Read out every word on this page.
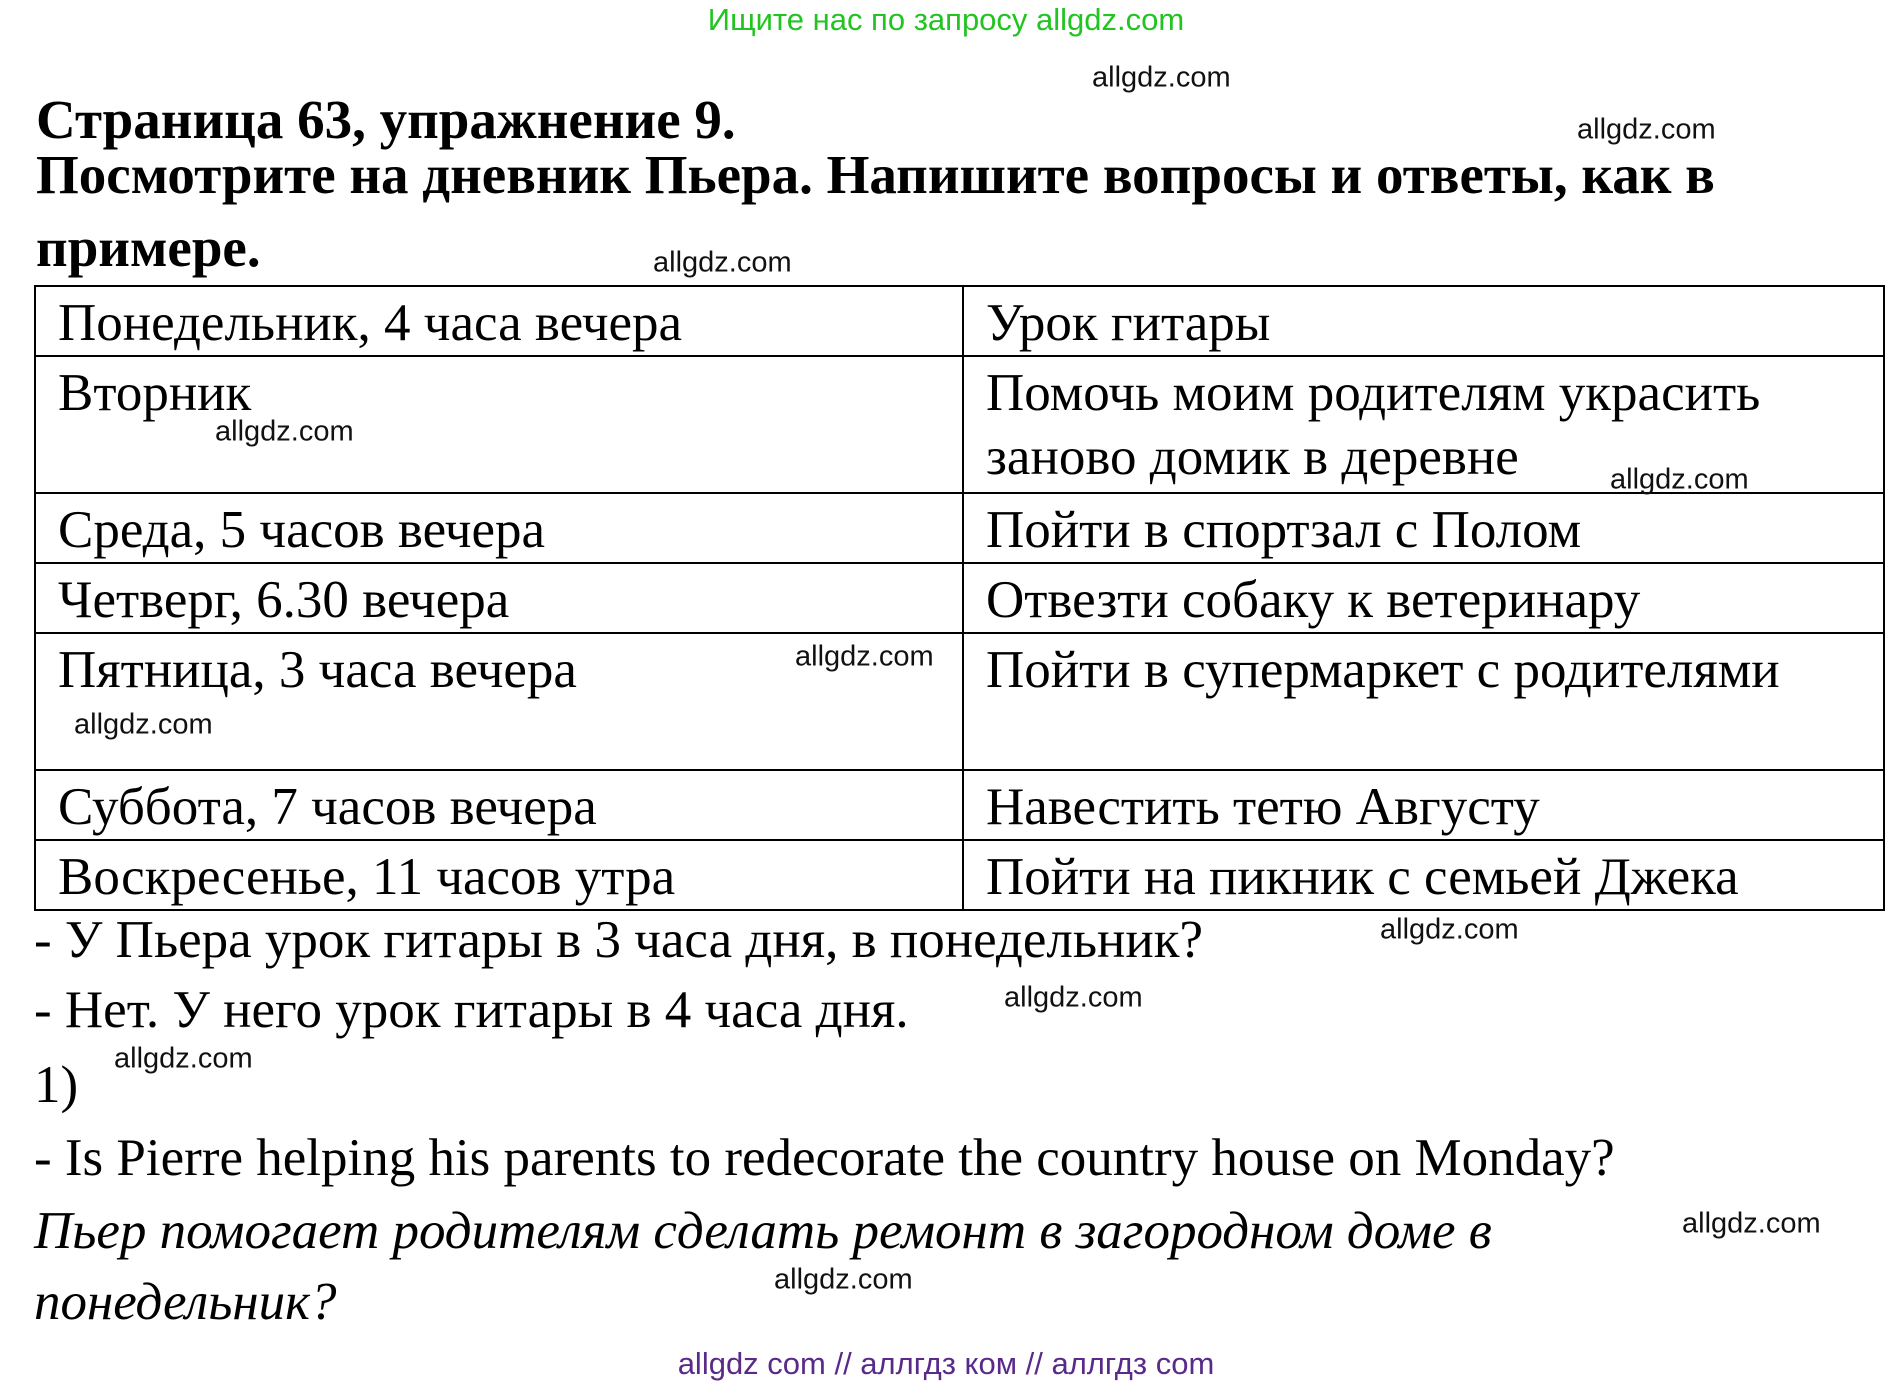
Ищите нас по запросу allgdz.com
Страница 63, упражнение 9.
Посмотрите на дневник Пьера. Напишите вопросы и ответы, как в
примере.
Понедельник, 4 часа вечера	Урок гитары
Вторник	Помочь моим родителям украсить заново домик в деревне
Среда, 5 часов вечера	Пойти в спортзал с Полом
Четверг, 6.30 вечера	Отвезти собаку к ветеринару
Пятница, 3 часа вечера	Пойти в супермаркет с родителями
Суббота, 7 часов вечера	Навестить тетю Августу
Воскресенье, 11 часов утра	Пойти на пикник с семьей Джека
- У Пьера урок гитары в 3 часа дня, в понедельник?
- Нет. У него урок гитары в 4 часа дня.
1)
- Is Pierre helping his parents to redecorate the country house on Monday?
Пьер помогает родителям сделать ремонт в загородном доме в
понедельник?
allgdz.com
allgdz.com
allgdz.com
allgdz.com
allgdz.com
allgdz.com
allgdz.com
allgdz.com
allgdz.com
allgdz.com
allgdz.com
allgdz.com
allgdz com // аллгдз ком // аллгдз com
